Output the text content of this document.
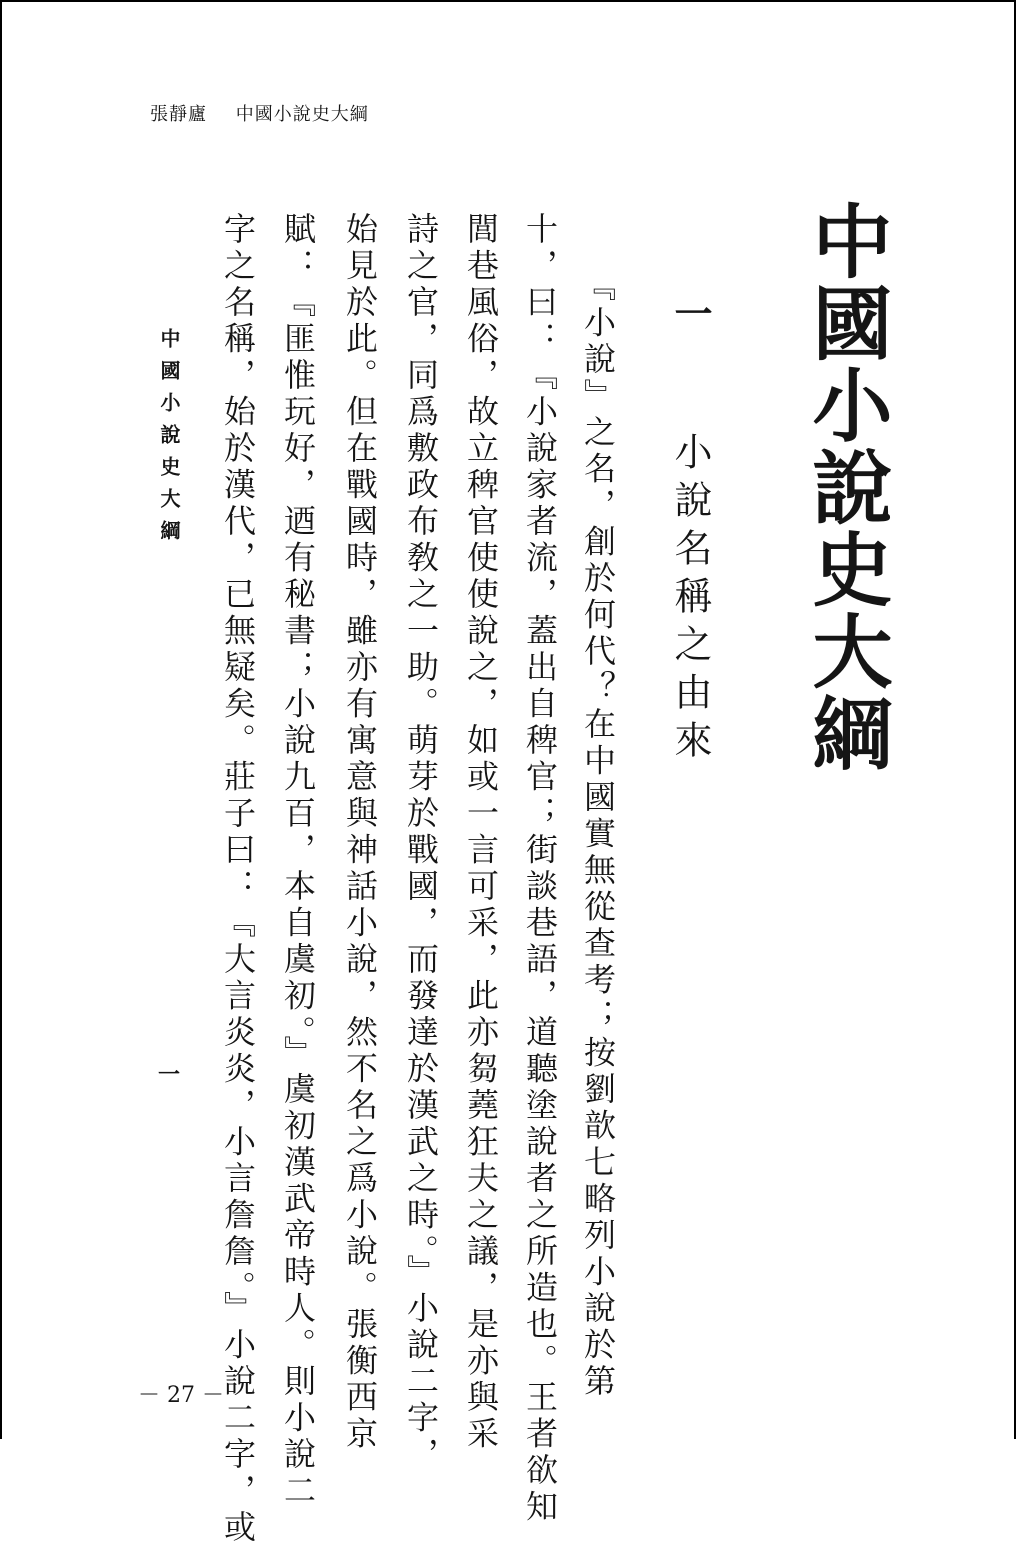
張靜廬 中國小說史大綱
中國小說史大綱
一 小說名稱之由來
　　『小說』之名，創於何代？在中國實無從查考；按劉歆七略列小說於第
十，曰：『小說家者流，蓋出自稗官；街談巷語，道聽塗說者之所造也。王者欲知
閭巷風俗，故立稗官使使說之，如或一言可采，此亦芻蕘狂夫之議，是亦與采
詩之官，同爲敷政布敎之一助。萌芽於戰國，而發達於漢武之時。』小說二字，
始見於此。但在戰國時，雖亦有寓意與神話小說，然不名之爲小說。張衡西京
賦：『匪惟玩好，迺有秘書；小說九百，本自虞初。』虞初漢武帝時人。則小說二
字之名稱，始於漢代，已無疑矣。莊子曰：『大言炎炎，小言詹詹。』小說二字，或
中國小說史大綱
一
－ 27 －
